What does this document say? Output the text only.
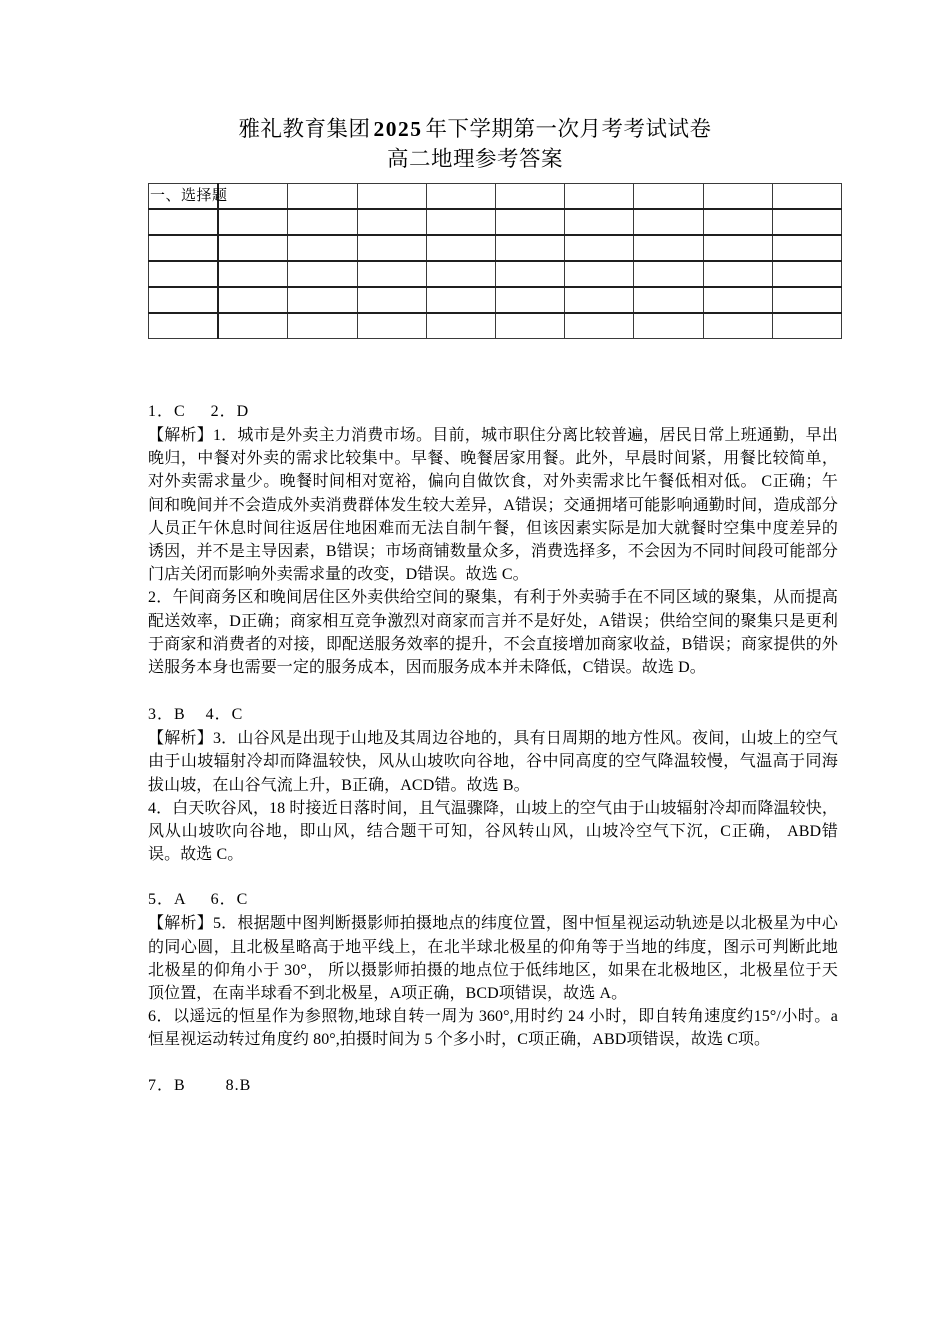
雅礼教育集团 2025 年下学期第一次月考考试试卷
高二地理参考答案
一、选择题

1．C     2．D

【解析】1．城市是外卖主力消费市场。目前，城市职住分离比较普遍，居民日常上班通勤，早出晚归，中餐对外卖的需求比较集中。早餐、晚餐居家用餐。此外，早晨时间紧，用餐比较简单，对外卖需求量少。晚餐时间相对宽裕，偏向自做饮食，对外卖需求比午餐低相对低。 C正确；午间和晚间并不会造成外卖消费群体发生较大差异，A错误；交通拥堵可能影响通勤时间，造成部分人员正午休息时间往返居住地困难而无法自制午餐，但该因素实际是加大就餐时空集中度差异的诱因，并不是主导因素，B错误；市场商铺数量众多，消费选择多，不会因为不同时间段可能部分门店关闭而影响外卖需求量的改变，D错误。故选 C。

2．午间商务区和晚间居住区外卖供给空间的聚集，有利于外卖骑手在不同区域的聚集，从而提高配送效率，D正确；商家相互竞争激烈对商家而言并不是好处，A错误；供给空间的聚集只是更利于商家和消费者的对接，即配送服务效率的提升，不会直接增加商家收益，B错误；商家提供的外送服务本身也需要一定的服务成本，因而服务成本并未降低，C错误。故选 D。

3．B    4．C

【解析】3．山谷风是出现于山地及其周边谷地的，具有日周期的地方性风。夜间，山坡上的空气由于山坡辐射冷却而降温较快，风从山坡吹向谷地，谷中同高度的空气降温较慢，气温高于同海拔山坡，在山谷气流上升，B正确，ACD错。故选 B。

4．白天吹谷风，18 时接近日落时间，且气温骤降，山坡上的空气由于山坡辐射冷却而降温较快，风从山坡吹向谷地，即山风，结合题干可知，谷风转山风，山坡冷空气下沉，C正确， ABD错误。故选 C。

5．A     6．C

【解析】5．根据题中图判断摄影师拍摄地点的纬度位置，图中恒星视运动轨迹是以北极星为中心的同心圆，且北极星略高于地平线上，在北半球北极星的仰角等于当地的纬度，图示可判断此地北极星的仰角小于 30°， 所以摄影师拍摄的地点位于低纬地区，如果在北极地区，北极星位于天顶位置，在南半球看不到北极星，A项正确，BCD项错误，故选 A。

6．以遥远的恒星作为参照物,地球自转一周为 360°,用时约 24 小时，即自转角速度约15°/小时。a 恒星视运动转过角度约 80°,拍摄时间为 5 个多小时，C项正确，ABD项错误，故选 C项。

7．B        8.B
